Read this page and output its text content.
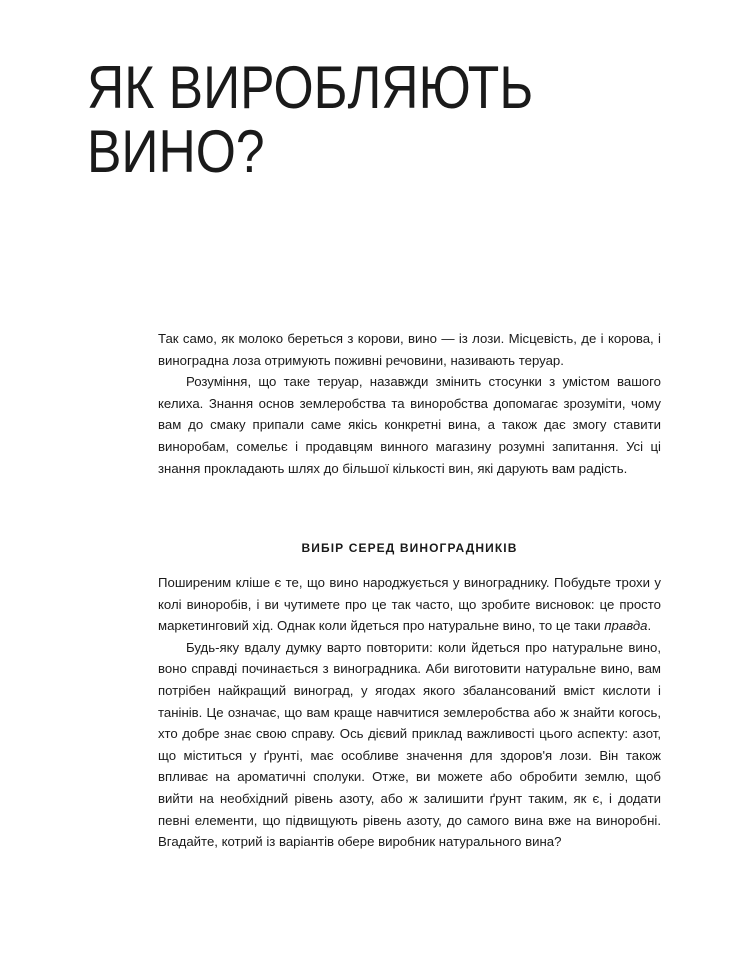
ЯК ВИРОБЛЯЮТЬ
ВИНО?

Так само, як молоко береться з корови, вино — із лози. Місцевість, де і корова, і виноградна лоза отримують поживні речовини, називають теруар.

Розуміння, що таке теруар, назавжди змінить стосунки з умістом вашого келиха. Знання основ землеробства та виноробства допомагає зрозуміти, чому вам до смаку припали саме якісь конкретні вина, а також дає змогу ставити виноробам, сомельє і продавцям винного магазину розумні запитання. Усі ці знання прокладають шлях до більшої кількості вин, які дарують вам радість.

ВИБІР СЕРЕД ВИНОГРАДНИКІВ

Поширеним кліше є те, що вино народжується у винограднику. Побудьте трохи у колі виноробів, і ви чутимете про це так часто, що зробите висновок: це просто маркетинговий хід. Однак коли йдеться про натуральне вино, то це таки правда.

Будь-яку вдалу думку варто повторити: коли йдеться про натуральне вино, воно справді починається з виноградника. Аби виготовити натуральне вино, вам потрібен найкращий виноград, у ягодах якого збалансований вміст кислоти і танінів. Це означає, що вам краще навчитися землеробства або ж знайти когось, хто добре знає свою справу. Ось дієвий приклад важливості цього аспекту: азот, що міститься у ґрунті, має особливе значення для здоров'я лози. Він також впливає на ароматичні сполуки. Отже, ви можете або обробити землю, щоб вийти на необхідний рівень азоту, або ж залишити ґрунт таким, як є, і додати певні елементи, що підвищують рівень азоту, до самого вина вже на виноробні. Вгадайте, котрий із варіантів обере виробник натурального вина?
